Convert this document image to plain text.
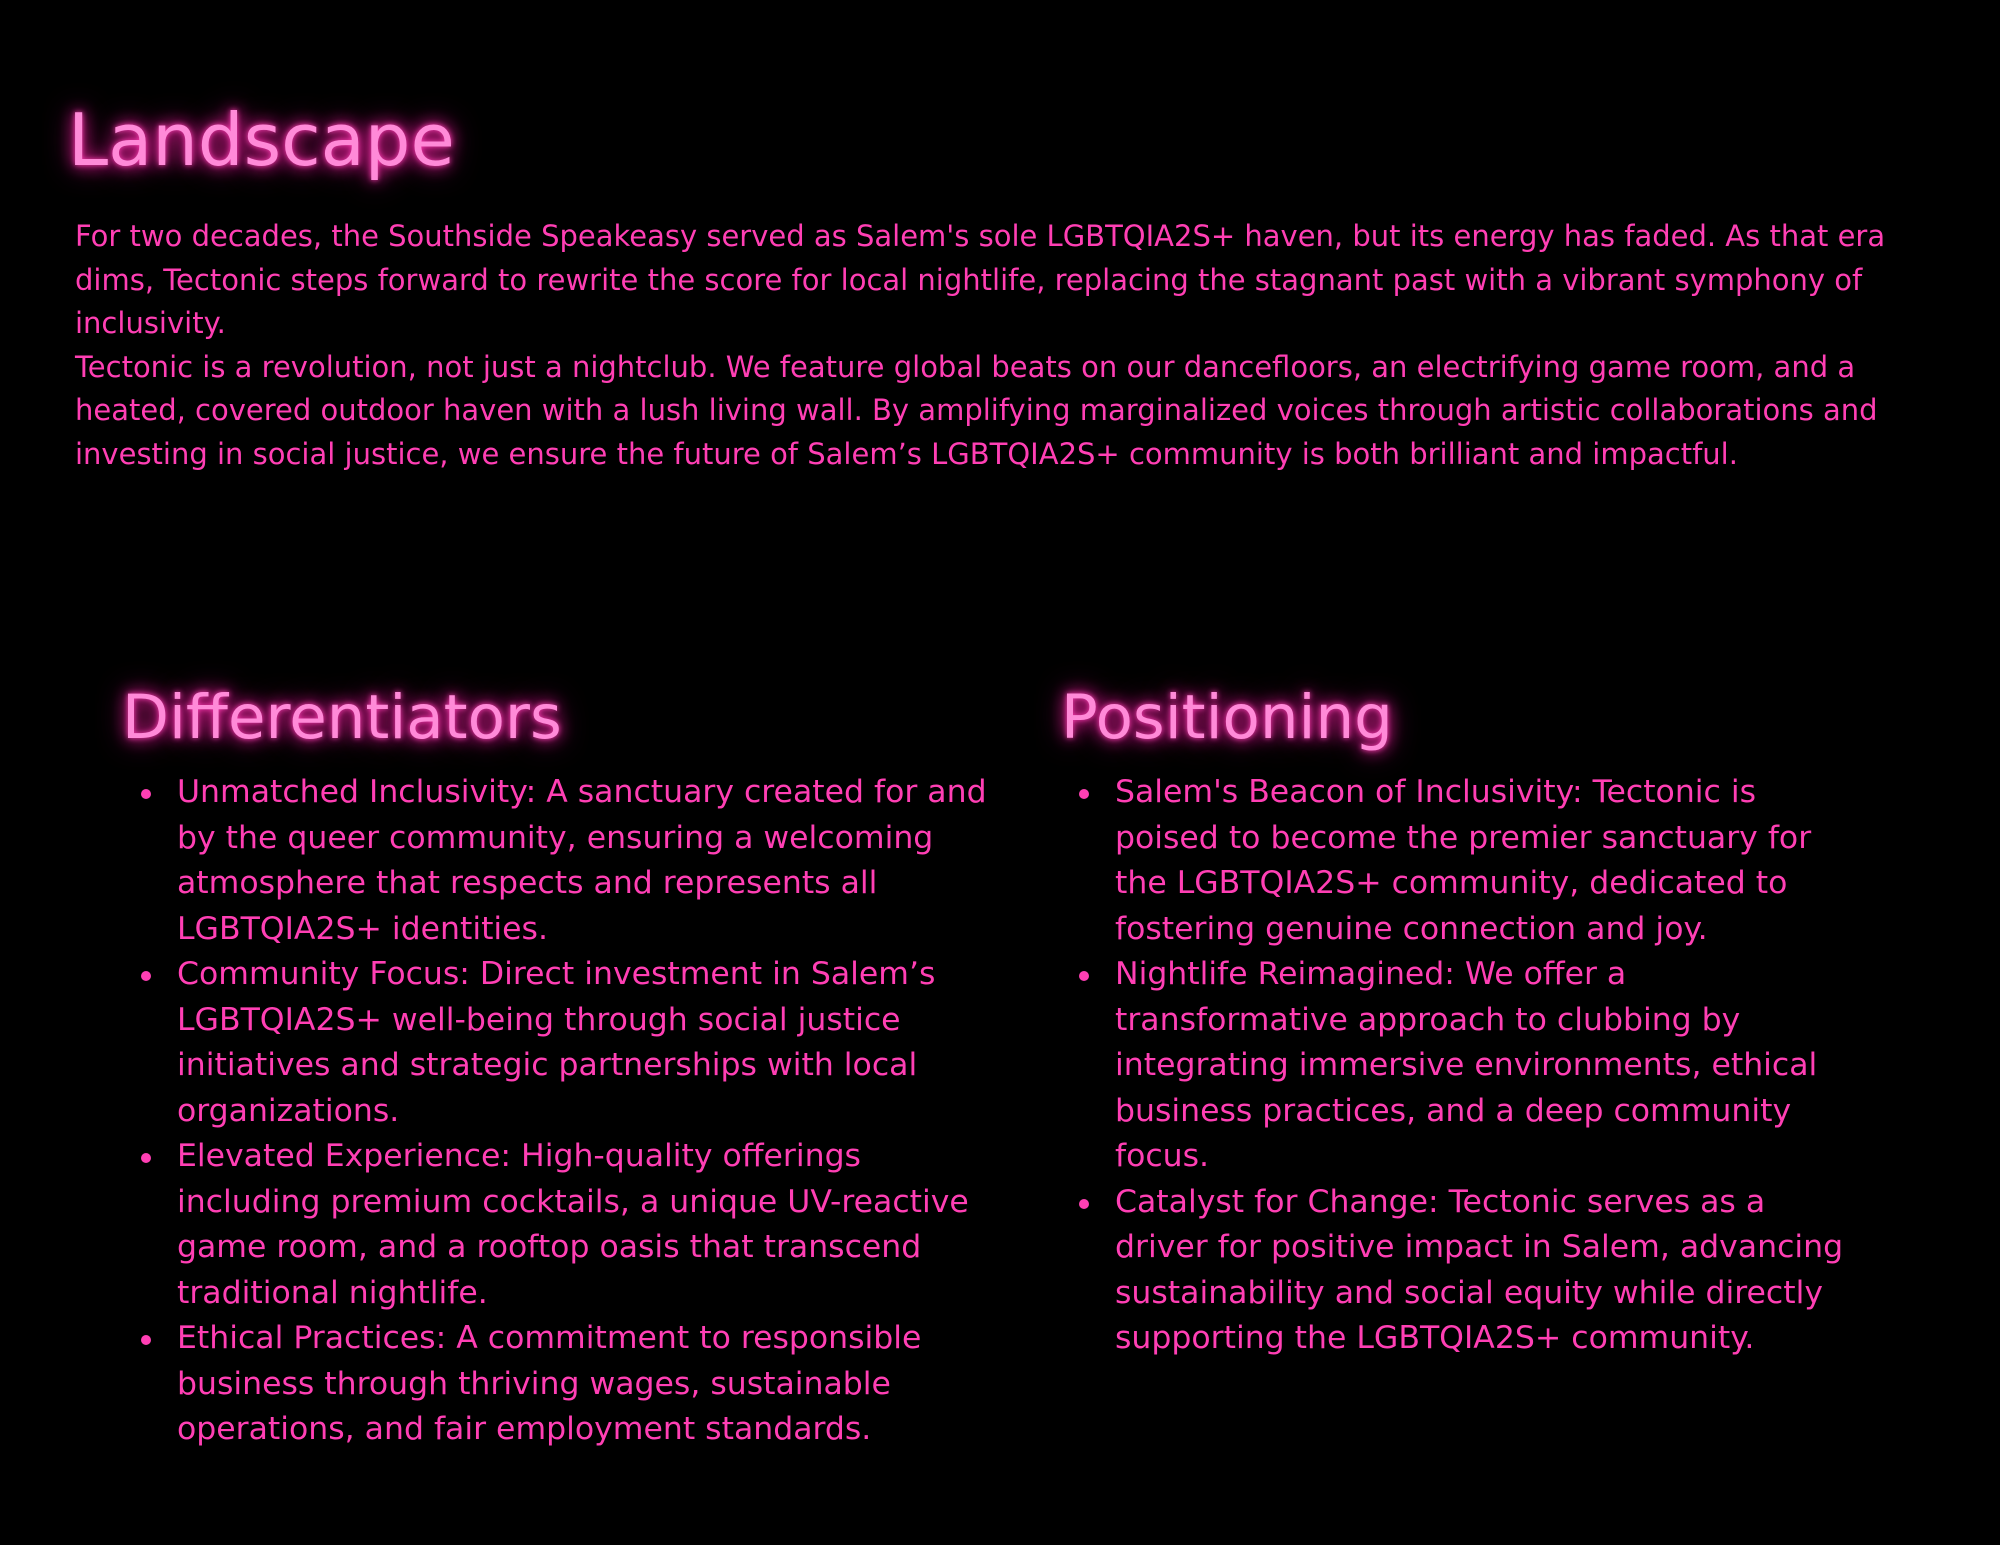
Landscape

For two decades, the Southside Speakeasy served as Salem's sole LGBTQIA2S+ haven, but its energy has faded. As that era dims, Tectonic steps forward to rewrite the score for local nightlife, replacing the stagnant past with a vibrant symphony of inclusivity.

Tectonic is a revolution, not just a nightclub. We feature global beats on our dancefloors, an electrifying game room, and a heated, covered outdoor haven with a lush living wall. By amplifying marginalized voices through artistic collaborations and investing in social justice, we ensure the future of Salem’s LGBTQIA2S+ community is both brilliant and impactful.

Differentiators
Unmatched Inclusivity: A sanctuary created for and by the queer community, ensuring a welcoming atmosphere that respects and represents all LGBTQIA2S+ identities.
Community Focus: Direct investment in Salem’s LGBTQIA2S+ well-being through social justice initiatives and strategic partnerships with local organizations.
Elevated Experience: High-quality offerings including premium cocktails, a unique UV-reactive game room, and a rooftop oasis that transcend traditional nightlife.
Ethical Practices: A commitment to responsible business through thriving wages, sustainable operations, and fair employment standards.
Positioning
Salem's Beacon of Inclusivity: Tectonic is poised to become the premier sanctuary for the LGBTQIA2S+ community, dedicated to fostering genuine connection and joy.
Nightlife Reimagined: We offer a transformative approach to clubbing by integrating immersive environments, ethical business practices, and a deep community focus.
Catalyst for Change: Tectonic serves as a driver for positive impact in Salem, advancing sustainability and social equity while directly supporting the LGBTQIA2S+ community.
